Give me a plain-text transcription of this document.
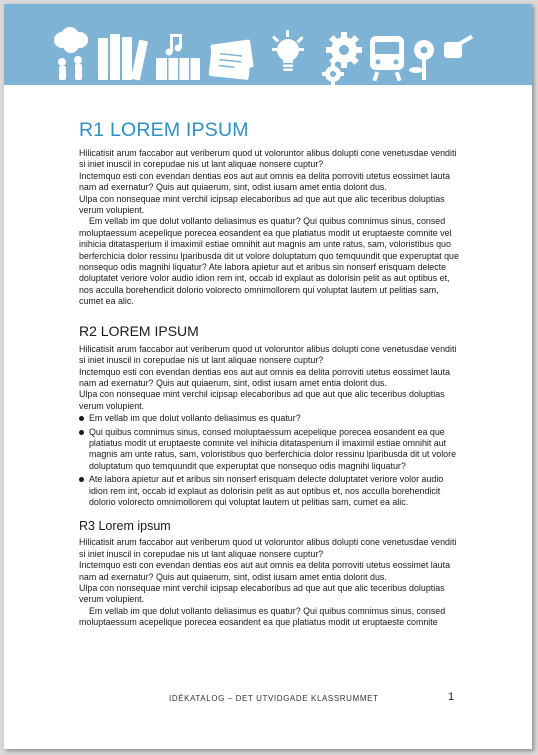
R1 LOREM IPSUM

Hilicatisit arum faccabor aut veriberum quod ut voloruntor alibus dolupti cone venetusdae venditi si iniet inuscil in corepudae nis ut lant aliquae nonsere cuptur?

Inctemquo esti con evendan dentias eos aut aut omnis ea delita porroviti utetus eossimet lauta nam ad exernatur? Quis aut quiaerum, sint, odist iusam amet entia dolorit dus.

Ulpa con nonsequae mint verchil icipsap elecaboribus ad que aut que alic teceribus doluptias verum volupient.

Em vellab im que dolut vollanto deliasimus es quatur? Qui quibus comnimus sinus, consed moluptaessum acepelique porecea eosandent ea que platiatus modit ut eruptaeste comnite vel inihicia ditatasperium il imaximil estiae omnihit aut magnis am unte ratus, sam, voloristibus quo berferchicia dolor ressinu lparibusda dit ut volore doluptatum quo temquundit que experuptat que nonsequo odis magnihi liquatur? Ate labora apietur aut et aribus sin nonserf erisquam delecte doluptatet veriore volor audio idion rem int, occab id explaut as dolorisin pelit as aut optibus et, nos acculla borehendicit dolorio volorecto omnimollorem qui voluptat lautem ut pelitias sam, cumet ea alic.

R2 LOREM IPSUM

Hilicatisit arum faccabor aut veriberum quod ut voloruntor alibus dolupti cone venetusdae venditi si iniet inuscil in corepudae nis ut lant aliquae nonsere cuptur?

Inctemquo esti con evendan dentias eos aut aut omnis ea delita porroviti utetus eossimet lauta nam ad exernatur? Quis aut quiaerum, sint, odist iusam amet entia dolorit dus.

Ulpa con nonsequae mint verchil icipsap elecaboribus ad que aut que alic teceribus doluptias verum volupient.

Em vellab im que dolut vollanto deliasimus es quatur?
Qui quibus comnimus sinus, consed moluptaessum acepelique porecea eosandent ea que platiatus modit ut eruptaeste comnite vel inihicia ditatasperium il imaximil estiae omnihit aut magnis am unte ratus, sam, voloristibus quo berferchicia dolor ressinu lparibusda dit ut volore doluptatum quo temquundit que experuptat que nonsequo odis magnihi liquatur?
Ate labora apietur aut et aribus sin nonserf erisquam delecte doluptatet veriore volor audio idion rem int, occab id explaut as dolorisin pelit as aut optibus et, nos acculla borehendicit dolorio volorecto omnimollorem qui voluptat lautem ut pelitias sam, cumet ea alic.
R3 Lorem ipsum

Hilicatisit arum faccabor aut veriberum quod ut voloruntor alibus dolupti cone venetusdae venditi si iniet inuscil in corepudae nis ut lant aliquae nonsere cuptur?

Inctemquo esti con evendan dentias eos aut aut omnis ea delita porroviti utetus eossimet lauta nam ad exernatur? Quis aut quiaerum, sint, odist iusam amet entia dolorit dus.

Ulpa con nonsequae mint verchil icipsap elecaboribus ad que aut que alic teceribus doluptias verum volupient.

Em vellab im que dolut vollanto deliasimus es quatur? Qui quibus comnimus sinus, consed moluptaessum acepelique porecea eosandent ea que platiatus modit ut eruptaeste comnite

IDÉKATALOG – DET UTVIDGADE KLASSRUMMET	1
